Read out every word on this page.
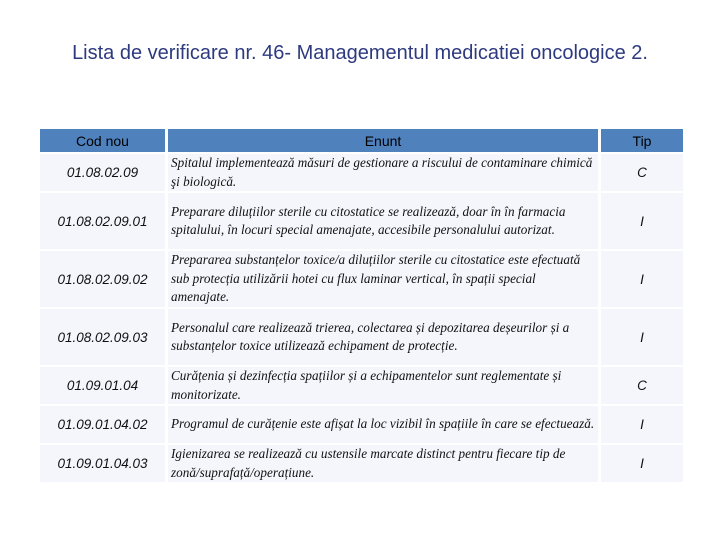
Lista de verificare nr. 46- Managementul medicatiei oncologice 2.
Cod nou	Enunt	Tip
01.08.02.09	Spitalul implementează măsuri de gestionare a riscului de contaminare chimică şi biologică.	C
01.08.02.09.01	Preparare diluțiilor sterile cu citostatice se realizează, doar în în farmacia spitalului, în locuri special amenajate, accesibile personalului autorizat.	I
01.08.02.09.02	Prepararea substanțelor toxice/a diluțiilor sterile cu citostatice este efectuată sub protecția utilizării hotei cu flux laminar vertical, în spații special amenajate.	I
01.08.02.09.03	Personalul care realizează trierea, colectarea și depozitarea deșeurilor și a substanțelor toxice utilizează echipament de protecție.	I
01.09.01.04	Curățenia și dezinfecția spațiilor și a echipamentelor sunt reglementate și monitorizate.	C
01.09.01.04.02	Programul de curățenie este afișat la loc vizibil în spațiile în care se efectuează.	I
01.09.01.04.03	Igienizarea se realizează cu ustensile marcate distinct pentru fiecare tip de zonă/suprafață/operațiune.	I
